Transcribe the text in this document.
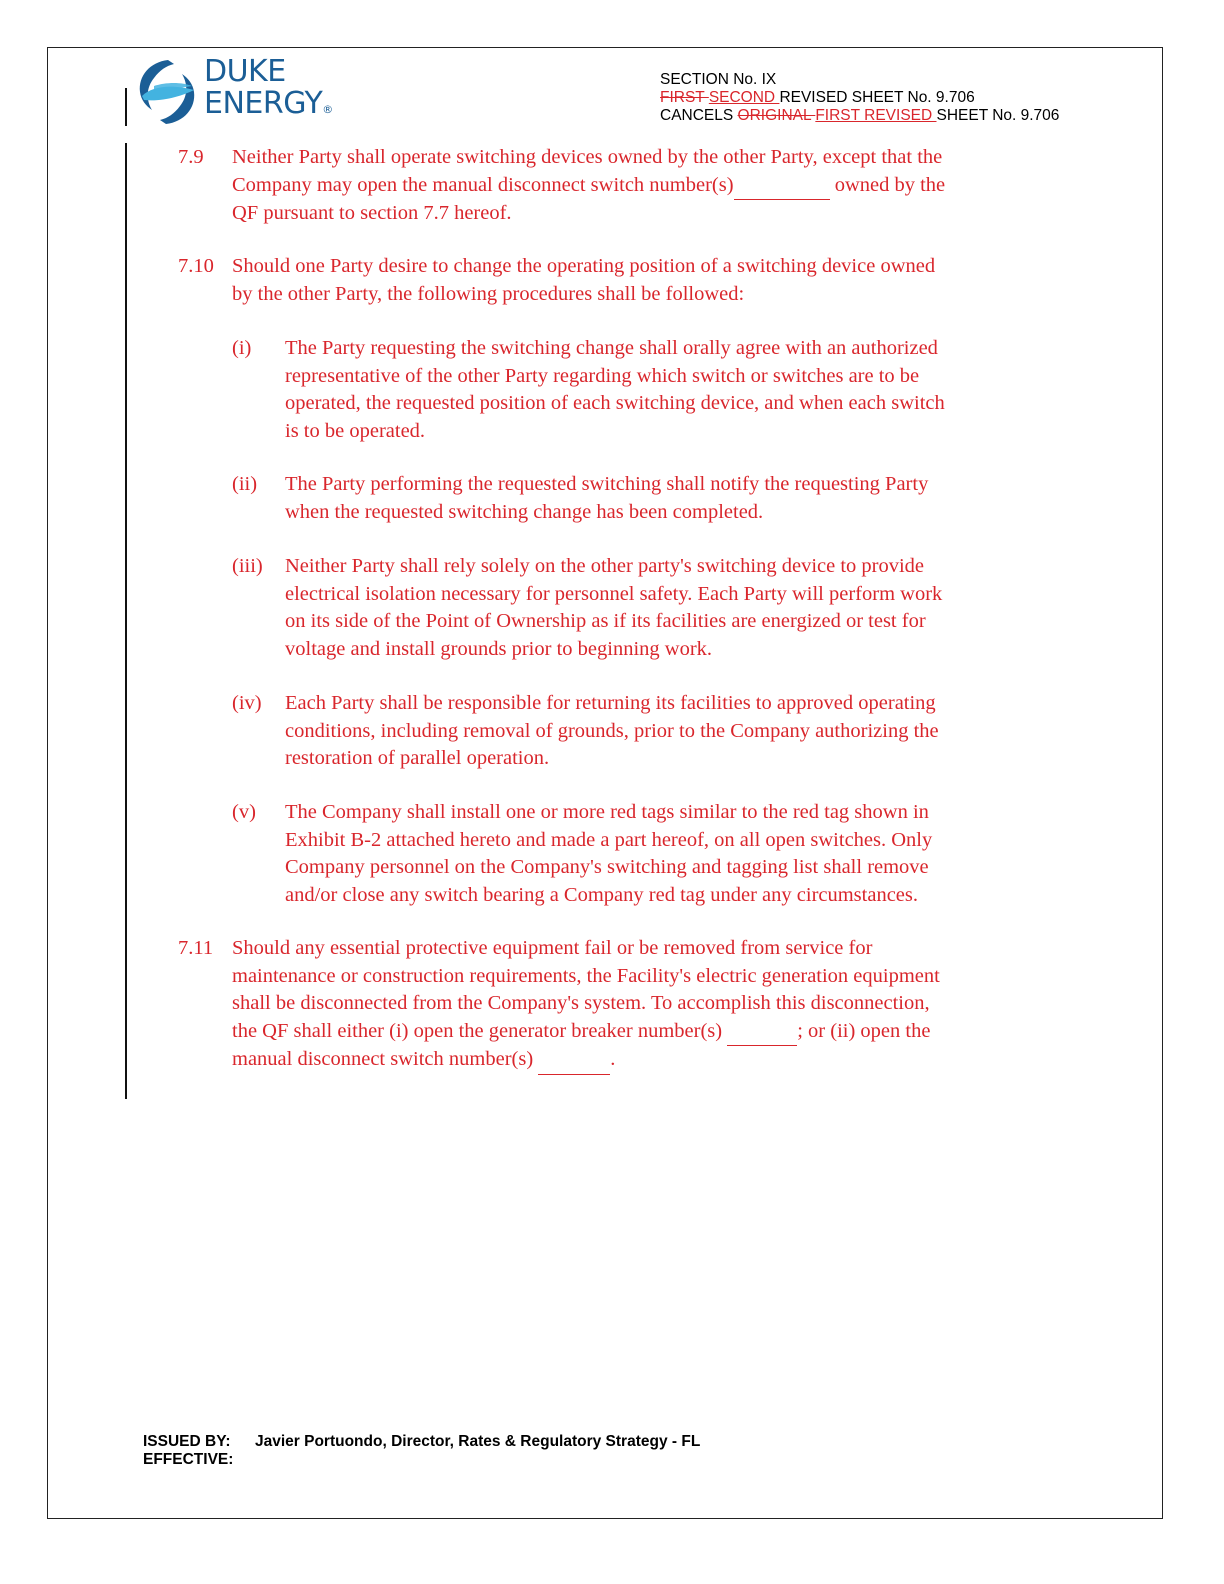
DUKE
ENERGY®
SECTION No. IX
FIRST SECOND REVISED SHEET No. 9.706
CANCELS ORIGINAL FIRST REVISED SHEET No. 9.706
7.9 Neither Party shall operate switching devices owned by the other Party, except that the
Company may open the manual disconnect switch number(s)	owned by the
QF pursuant to section 7.7 hereof.
7.10 Should one Party desire to change the operating position of a switching device owned
by the other Party, the following procedures shall be followed:
(i) The Party requesting the switching change shall orally agree with an authorized
representative of the other Party regarding which switch or switches are to be
operated, the requested position of each switching device, and when each switch
is to be operated.
(ii) The Party performing the requested switching shall notify the requesting Party
when the requested switching change has been completed.
(iii) Neither Party shall rely solely on the other party's switching device to provide
electrical isolation necessary for personnel safety. Each Party will perform work
on its side of the Point of Ownership as if its facilities are energized or test for
voltage and install grounds prior to beginning work.
(iv) Each Party shall be responsible for returning its facilities to approved operating
conditions, including removal of grounds, prior to the Company authorizing the
restoration of parallel operation.
(v) The Company shall install one or more red tags similar to the red tag shown in
Exhibit B-2 attached hereto and made a part hereof, on all open switches. Only
Company personnel on the Company's switching and tagging list shall remove
and/or close any switch bearing a Company red tag under any circumstances.
7.11 Should any essential protective equipment fail or be removed from service for
maintenance or construction requirements, the Facility's electric generation equipment
shall be disconnected from the Company's system. To accomplish this disconnection,
the QF shall either (i) open the generator breaker number(s)	; or (ii) open the
manual disconnect switch number(s)	.
ISSUED BY: Javier Portuondo, Director, Rates & Regulatory Strategy - FL
EFFECTIVE:
